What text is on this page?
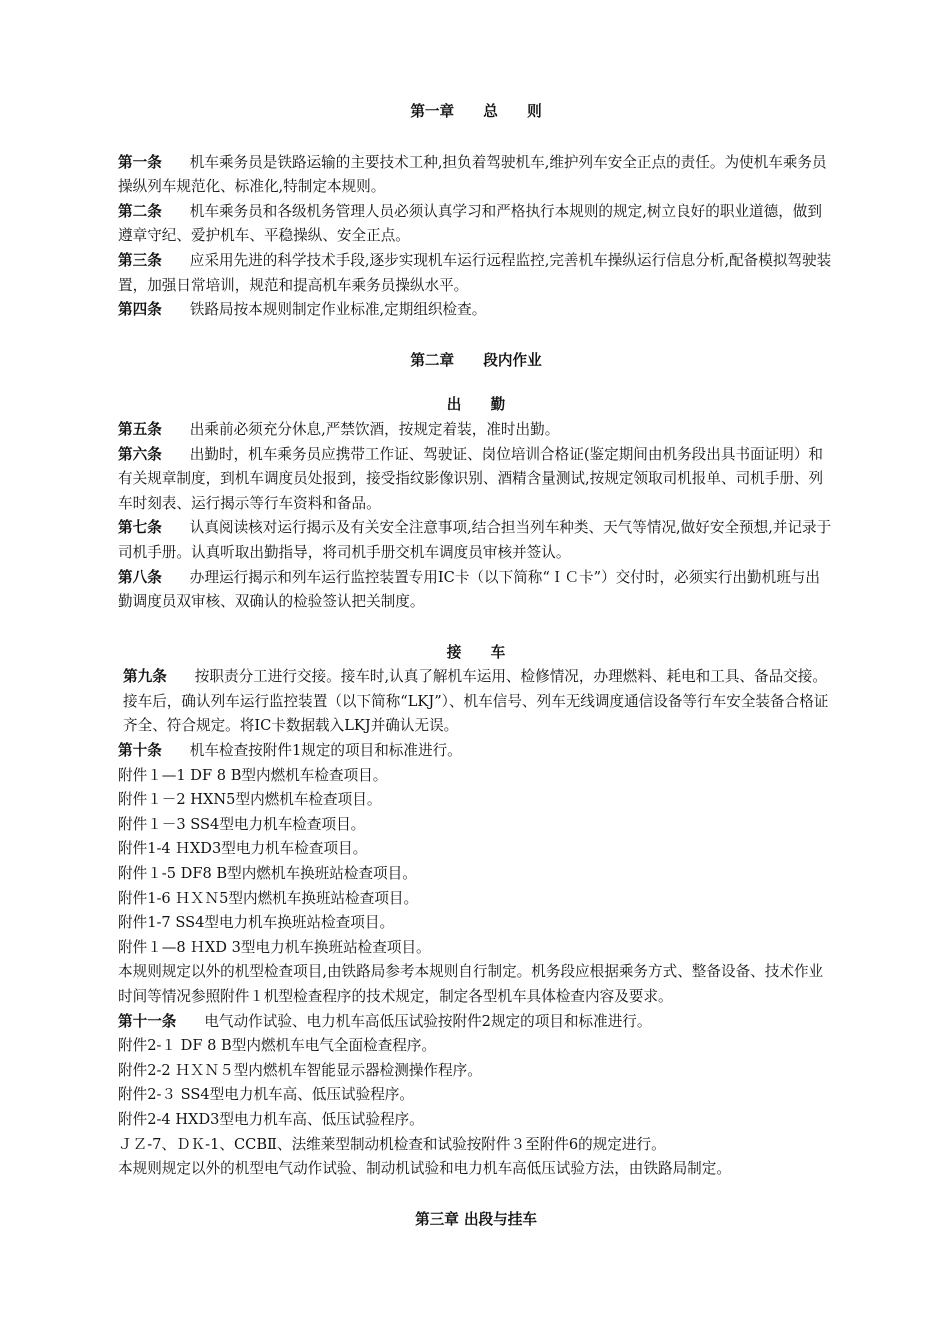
第一章　　总　　则

第一条 机车乘务员是铁路运输的主要技术工种,担负着驾驶机车,维护列车安全正点的责任。为使机车乘务员操纵列车规范化、标准化,特制定本规则。

第二条 机车乘务员和各级机务管理人员必须认真学习和严格执行本规则的规定,树立良好的职业道德，做到遵章守纪、爱护机车、平稳操纵、安全正点。

第三条 应采用先进的科学技术手段,逐步实现机车运行远程监控,完善机车操纵运行信息分析,配备模拟驾驶装置，加强日常培训，规范和提高机车乘务员操纵水平。

第四条 铁路局按本规则制定作业标准,定期组织检查。

第二章　　段内作业
出　　勤

第五条 出乘前必须充分休息,严禁饮酒，按规定着装，准时出勤。

第六条 出勤时，机车乘务员应携带工作证、驾驶证、岗位培训合格证(鉴定期间由机务段出具书面证明）和有关规章制度，到机车调度员处报到，接受指纹影像识别、酒精含量测试,按规定领取司机报单、司机手册、列车时刻表、运行揭示等行车资料和备品。

第七条 认真阅读核对运行揭示及有关安全注意事项,结合担当列车种类、天气等情况,做好安全预想,并记录于司机手册。认真听取出勤指导，将司机手册交机车调度员审核并签认。

第八条 办理运行揭示和列车运行监控装置专用IC卡（以下简称“ＩＣ卡”）交付时，必须实行出勤机班与出勤调度员双审核、双确认的检验签认把关制度。

接　　车

第九条 按职责分工进行交接。接车时,认真了解机车运用、检修情况，办理燃料、耗电和工具、备品交接。接车后，确认列车运行监控装置（以下简称“LKJ”）、机车信号、列车无线调度通信设备等行车安全装备合格证齐全、符合规定。将IC卡数据载入LKJ并确认无误。

第十条 机车检查按附件1规定的项目和标准进行。

附件１—1 DF 8 B型内燃机车检查项目。

附件１－2 HXN5型内燃机车检查项目。

附件１－3 SS4型电力机车检查项目。

附件1-4 ＨXD3型电力机车检查项目。

附件１-5 DF8 B型内燃机车换班站检查项目。

附件1-6 ＨＸＮ5型内燃机车换班站检查项目。

附件1-7 SS4型电力机车换班站检查项目。

附件１—8 ＨXD 3型电力机车换班站检查项目。

本规则规定以外的机型检查项目,由铁路局参考本规则自行制定。机务段应根据乘务方式、整备设备、技术作业时间等情况参照附件１机型检查程序的技术规定，制定各型机车具体检查内容及要求。

第十一条 电气动作试验、电力机车高低压试验按附件2规定的项目和标准进行。

附件2-１ DF 8 B型内燃机车电气全面检查程序。

附件2-2 ＨＸＮ５型内燃机车智能显示器检测操作程序。

附件2-３ SS4型电力机车高、低压试验程序。

附件2-4 HXD3型电力机车高、低压试验程序。

ＪＺ-7、ＤＫ-1、CCBⅡ、法维莱型制动机检查和试验按附件３至附件6的规定进行。

本规则规定以外的机型电气动作试验、制动机试验和电力机车高低压试验方法，由铁路局制定。

第三章 出段与挂车
